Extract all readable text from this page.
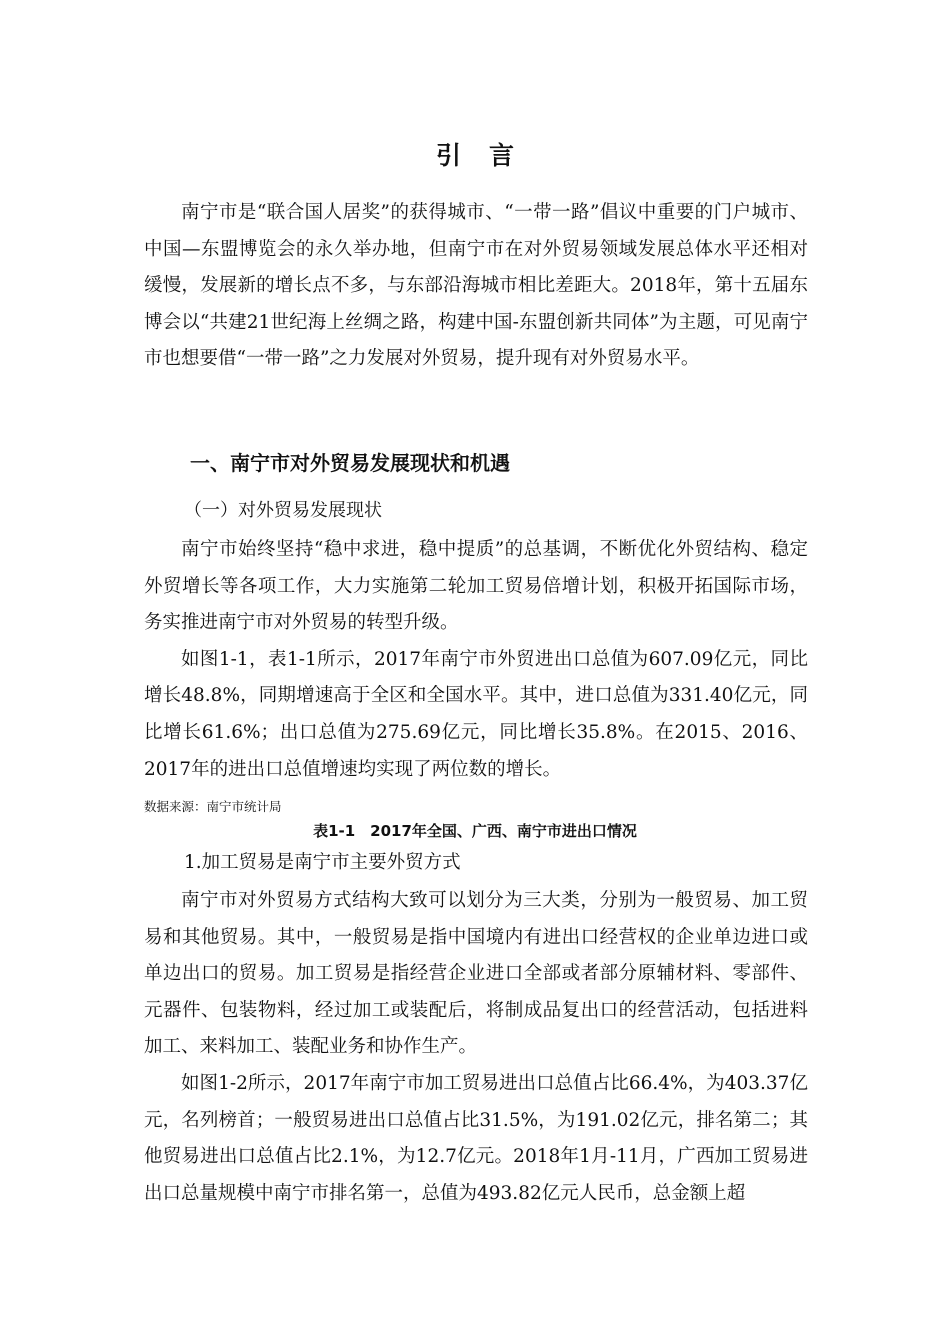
引 言

南宁市是“联合国人居奖”的获得城市、“一带一路”倡议中重要的门户城市、中国—东盟博览会的永久举办地，但南宁市在对外贸易领域发展总体水平还相对缓慢，发展新的增长点不多，与东部沿海城市相比差距大。2018年，第十五届东博会以“共建21世纪海上丝绸之路，构建中国-东盟创新共同体”为主题，可见南宁市也想要借“一带一路”之力发展对外贸易，提升现有对外贸易水平。

一、南宁市对外贸易发展现状和机遇
（一）对外贸易发展现状

南宁市始终坚持“稳中求进，稳中提质”的总基调，不断优化外贸结构、稳定外贸增长等各项工作，大力实施第二轮加工贸易倍增计划，积极开拓国际市场，务实推进南宁市对外贸易的转型升级。

如图1-1，表1-1所示，2017年南宁市外贸进出口总值为607.09亿元，同比增长48.8%，同期增速高于全区和全国水平。其中，进口总值为331.40亿元，同比增长61.6%；出口总值为275.69亿元，同比增长35.8%。在2015、2016、2017年的进出口总值增速均实现了两位数的增长。

数据来源：南宁市统计局
表1-1　2017年全国、广西、南宁市进出口情况
1.加工贸易是南宁市主要外贸方式

南宁市对外贸易方式结构大致可以划分为三大类，分别为一般贸易、加工贸易和其他贸易。其中，一般贸易是指中国境内有进出口经营权的企业单边进口或单边出口的贸易。加工贸易是指经营企业进口全部或者部分原辅材料、零部件、元器件、包装物料，经过加工或装配后，将制成品复出口的经营活动，包括进料加工、来料加工、装配业务和协作生产。

如图1-2所示，2017年南宁市加工贸易进出口总值占比66.4%，为403.37亿元，名列榜首；一般贸易进出口总值占比31.5%，为191.02亿元，排名第二；其他贸易进出口总值占比2.1%，为12.7亿元。2018年1月-11月，广西加工贸易进出口总量规模中南宁市排名第一，总值为493.82亿元人民币，总金额上超
